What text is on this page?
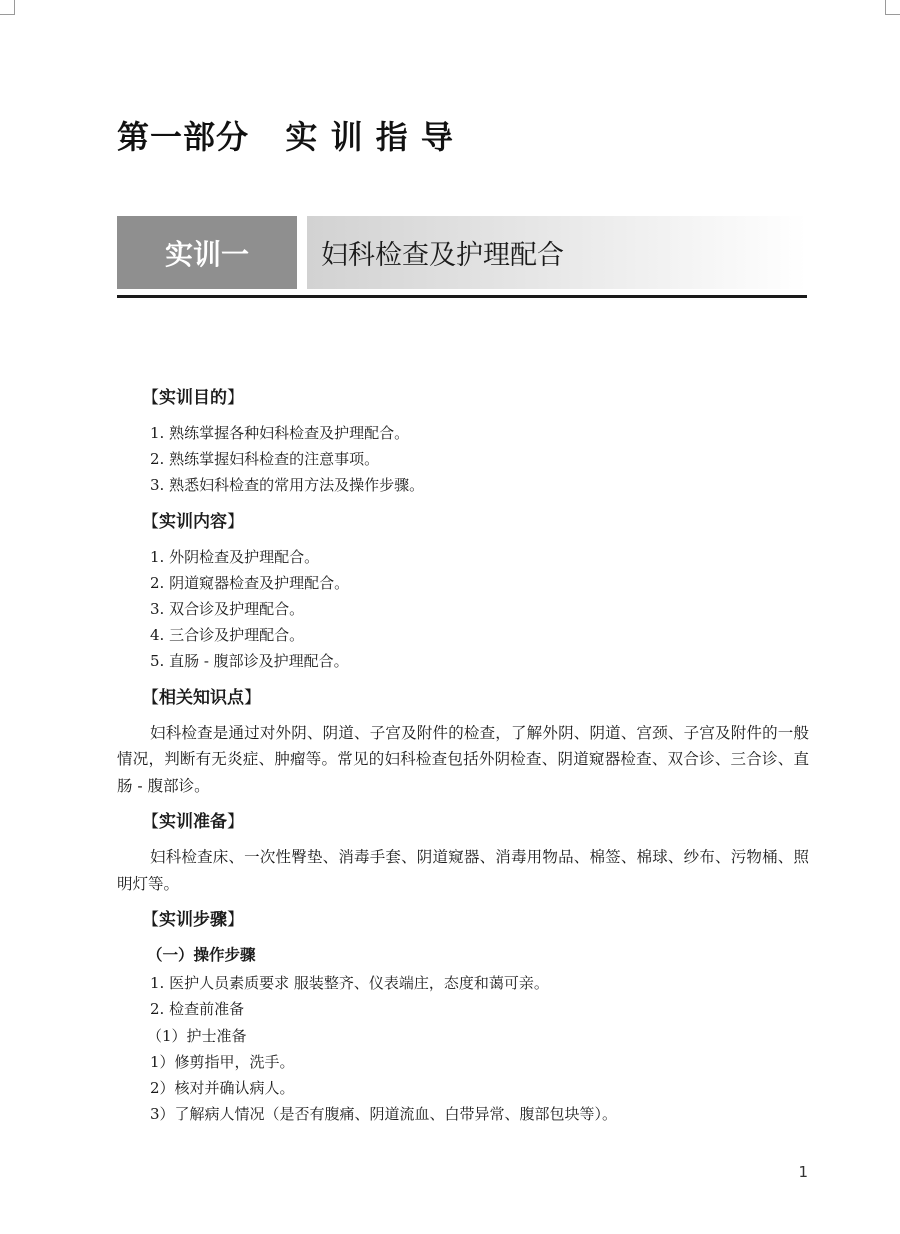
第一部分   实 训 指 导
实训一	妇科检查及护理配合
【实训目的】
1. 熟练掌握各种妇科检查及护理配合。
2. 熟练掌握妇科检查的注意事项。
3. 熟悉妇科检查的常用方法及操作步骤。
【实训内容】
1. 外阴检查及护理配合。
2. 阴道窥器检查及护理配合。
3. 双合诊及护理配合。
4. 三合诊及护理配合。
5. 直肠 - 腹部诊及护理配合。
【相关知识点】

妇科检查是通过对外阴、阴道、子宫及附件的检查，了解外阴、阴道、宫颈、子宫及附件的一般情况，判断有无炎症、肿瘤等。常见的妇科检查包括外阴检查、阴道窥器检查、双合诊、三合诊、直肠 - 腹部诊。

【实训准备】

妇科检查床、一次性臀垫、消毒手套、阴道窥器、消毒用物品、棉签、棉球、纱布、污物桶、照明灯等。

【实训步骤】
（一）操作步骤
1. 医护人员素质要求 服装整齐、仪表端庄，态度和蔼可亲。
2. 检查前准备
（1）护士准备
1）修剪指甲，洗手。
2）核对并确认病人。
3）了解病人情况（是否有腹痛、阴道流血、白带异常、腹部包块等）。
1
